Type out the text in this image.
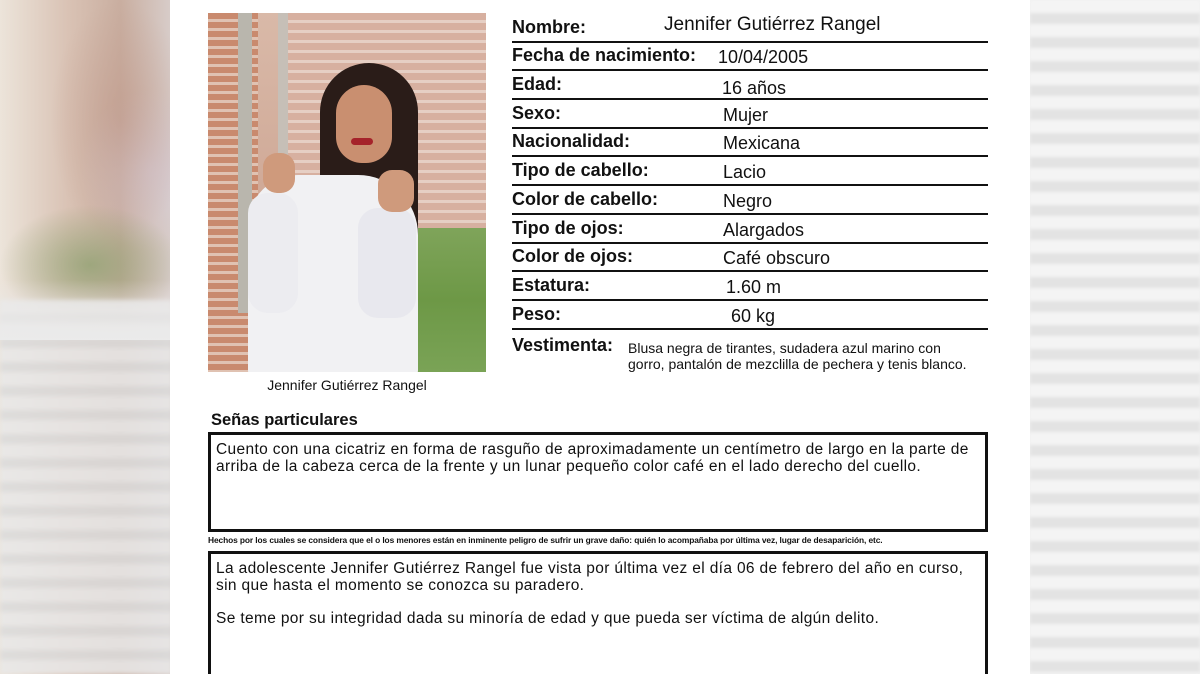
Jennifer Gutiérrez Rangel
Nombre:	Jennifer Gutiérrez Rangel
Fecha de nacimiento: 10/04/2005
Edad:	16 años
Sexo:	Mujer
Nacionalidad:	Mexicana
Tipo de cabello:	Lacio
Color de cabello:	Negro
Tipo de ojos:	Alargados
Color de ojos:	Café obscuro
Estatura:	1.60 m
Peso:	60 kg
Vestimenta: Blusa negra de tirantes, sudadera azul marino con gorro, pantalón de mezclilla de pechera y tenis blanco.
Señas particulares
Cuento con una cicatriz en forma de rasguño de aproximadamente un centímetro de largo en la parte de arriba de la cabeza cerca de la frente y un lunar pequeño color café en el lado derecho del cuello.
Hechos por los cuales se considera que el o los menores están en inminente peligro de sufrir un grave daño: quién lo acompañaba por última vez, lugar de desaparición, etc.

La adolescente Jennifer Gutiérrez Rangel fue vista por última vez el día 06 de febrero del año en curso, sin que hasta el momento se conozca su paradero.

Se teme por su integridad dada su minoría de edad y que pueda ser víctima de algún delito.
